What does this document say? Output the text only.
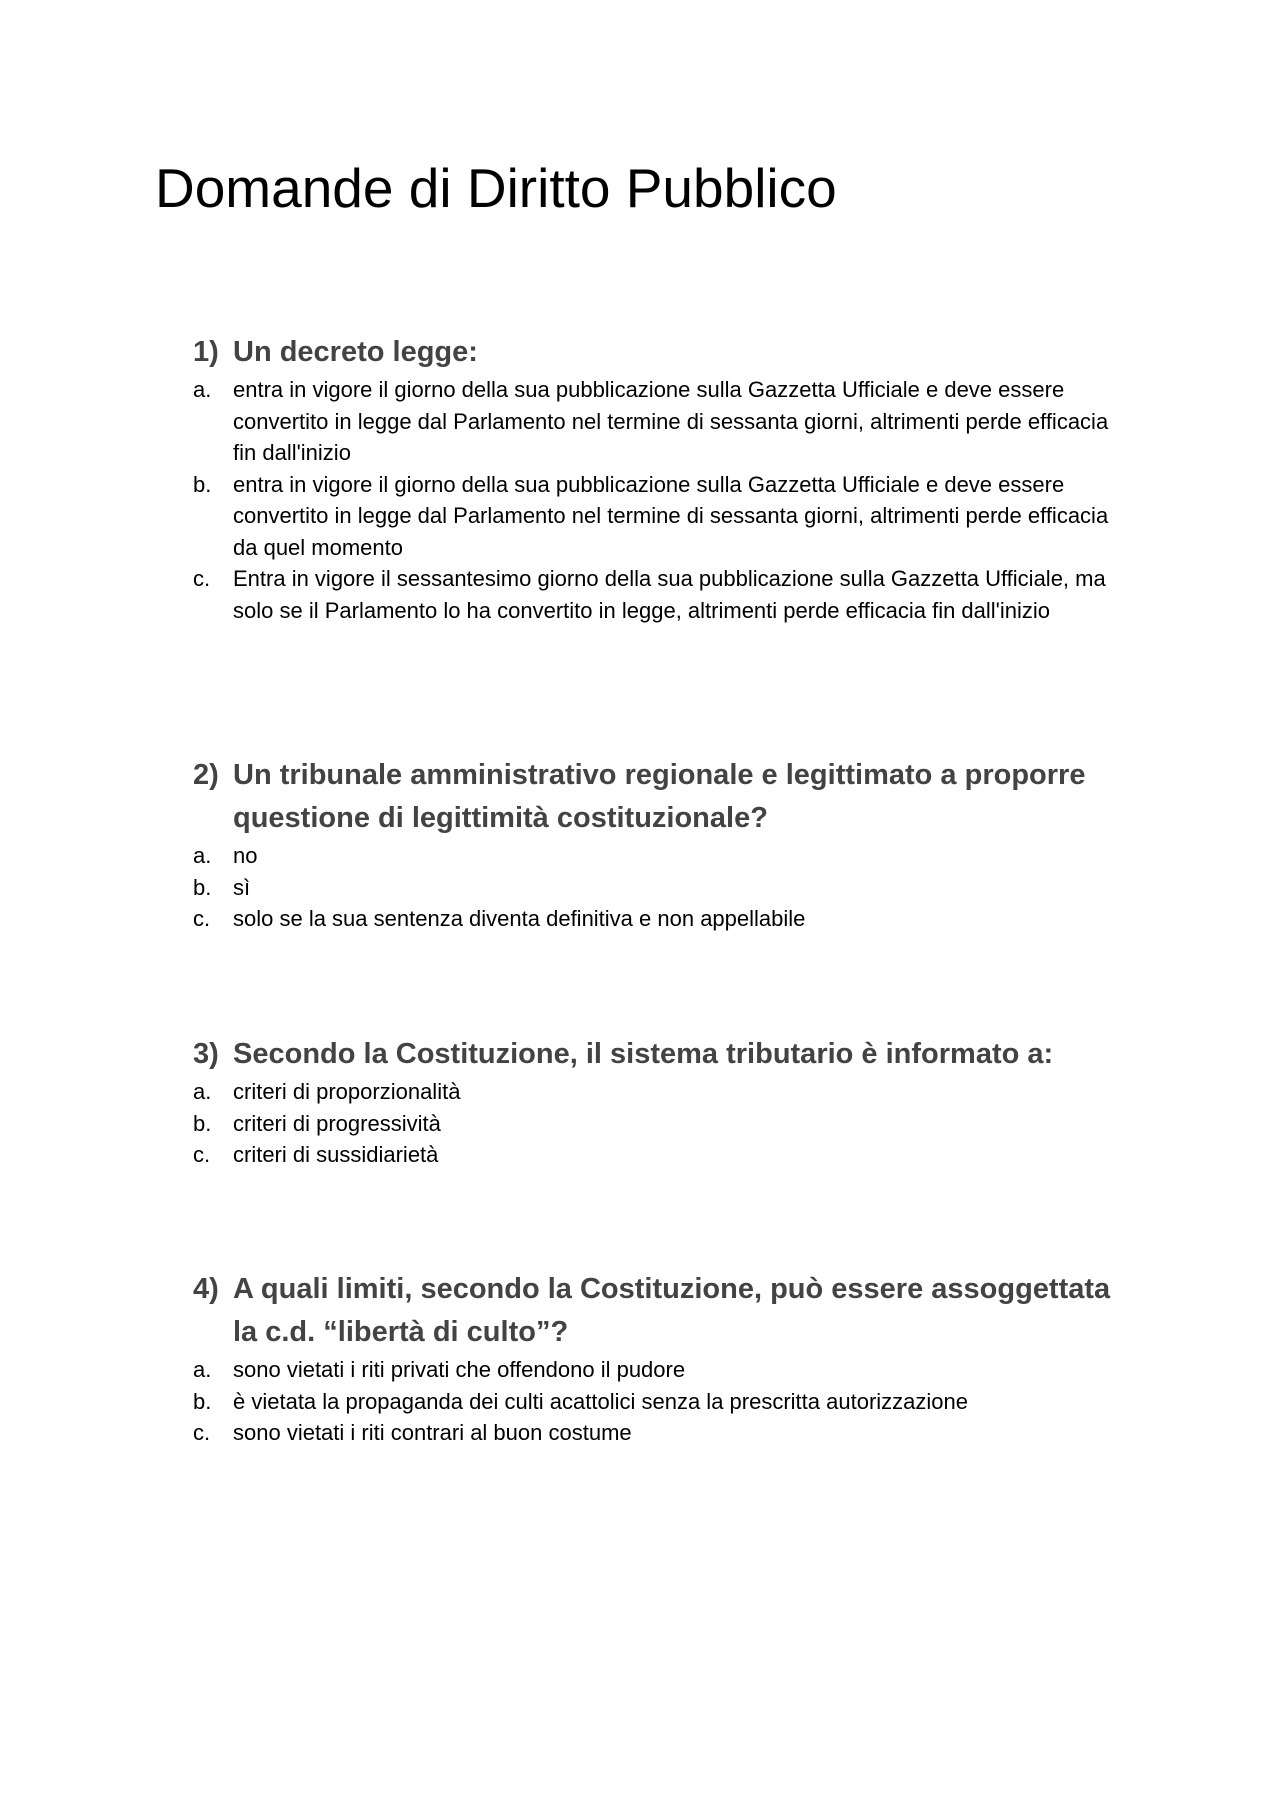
Domande di Diritto Pubblico
1) Un decreto legge:
a. entra in vigore il giorno della sua pubblicazione sulla Gazzetta Ufficiale e deve essere convertito in legge dal Parlamento nel termine di sessanta giorni, altrimenti perde efficacia fin dall'inizio
b. entra in vigore il giorno della sua pubblicazione sulla Gazzetta Ufficiale e deve essere convertito in legge dal Parlamento nel termine di sessanta giorni, altrimenti perde efficacia da quel momento
c.	Entra in vigore il sessantesimo giorno della sua pubblicazione sulla Gazzetta Ufficiale, ma solo se il Parlamento lo ha convertito in legge, altrimenti perde efficacia fin dall'inizio
2) Un tribunale amministrativo regionale e legittimato a proporre questione di legittimità costituzionale?
a. no
b. sì
c.	solo se la sua sentenza diventa definitiva e non appellabile
3) Secondo la Costituzione, il sistema tributario è informato a:
a. criteri di proporzionalità
b. criteri di progressività
c.	criteri di sussidiarietà
4) A quali limiti, secondo la Costituzione, può essere assoggettata la c.d. “libertà di culto”?
a. sono vietati i riti privati che offendono il pudore
b. è vietata la propaganda dei culti acattolici senza la prescritta autorizzazione
c.	sono vietati i riti contrari al buon costume
